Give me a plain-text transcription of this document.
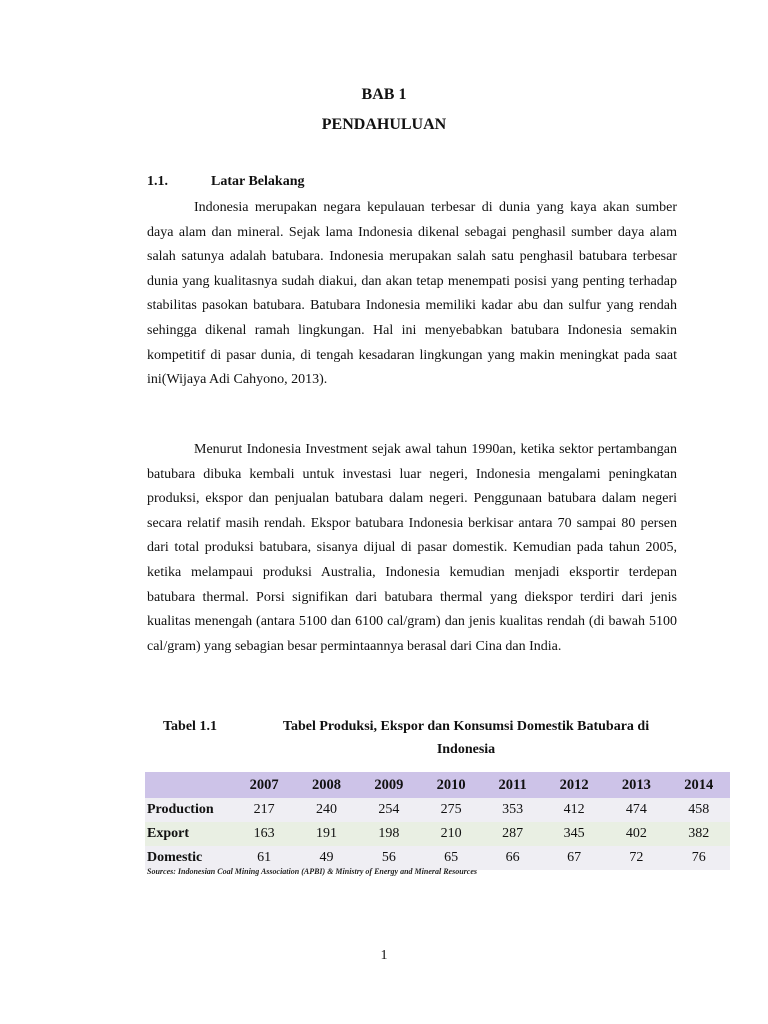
BAB 1
PENDAHULUAN
1.1.	Latar Belakang

Indonesia merupakan negara kepulauan terbesar di dunia yang kaya akan sumber daya alam dan mineral. Sejak lama Indonesia dikenal sebagai penghasil sumber daya alam salah satunya adalah batubara. Indonesia merupakan salah satu penghasil batubara terbesar dunia yang kualitasnya sudah diakui, dan akan tetap menempati posisi yang penting terhadap stabilitas pasokan batubara. Batubara Indonesia memiliki kadar abu dan sulfur yang rendah sehingga dikenal ramah lingkungan. Hal ini menyebabkan batubara Indonesia semakin kompetitif di pasar dunia, di tengah kesadaran lingkungan yang makin meningkat pada saat ini(Wijaya Adi Cahyono, 2013).

Menurut Indonesia Investment sejak awal tahun 1990an, ketika sektor pertambangan batubara dibuka kembali untuk investasi luar negeri, Indonesia mengalami peningkatan produksi, ekspor dan penjualan batubara dalam negeri. Penggunaan batubara dalam negeri secara relatif masih rendah. Ekspor batubara Indonesia berkisar antara 70 sampai 80 persen dari total produksi batubara, sisanya dijual di pasar domestik. Kemudian pada tahun 2005, ketika melampaui produksi Australia, Indonesia kemudian menjadi eksportir terdepan batubara thermal. Porsi signifikan dari batubara thermal yang diekspor terdiri dari jenis kualitas menengah (antara 5100 dan 6100 cal/gram) dan jenis kualitas rendah (di bawah 5100 cal/gram) yang sebagian besar permintaannya berasal dari Cina dan India.

Tabel 1.1	Tabel Produksi, Ekspor dan Konsumsi Domestik Batubara di Indonesia
	2007	2008	2009	2010	2011	2012	2013	2014
Production	217	240	254	275	353	412	474	458
Export	163	191	198	210	287	345	402	382
Domestic	61	49	56	65	66	67	72	76
Sources: Indonesian Coal Mining Association (APBI) & Ministry of Energy and Mineral Resources
1
